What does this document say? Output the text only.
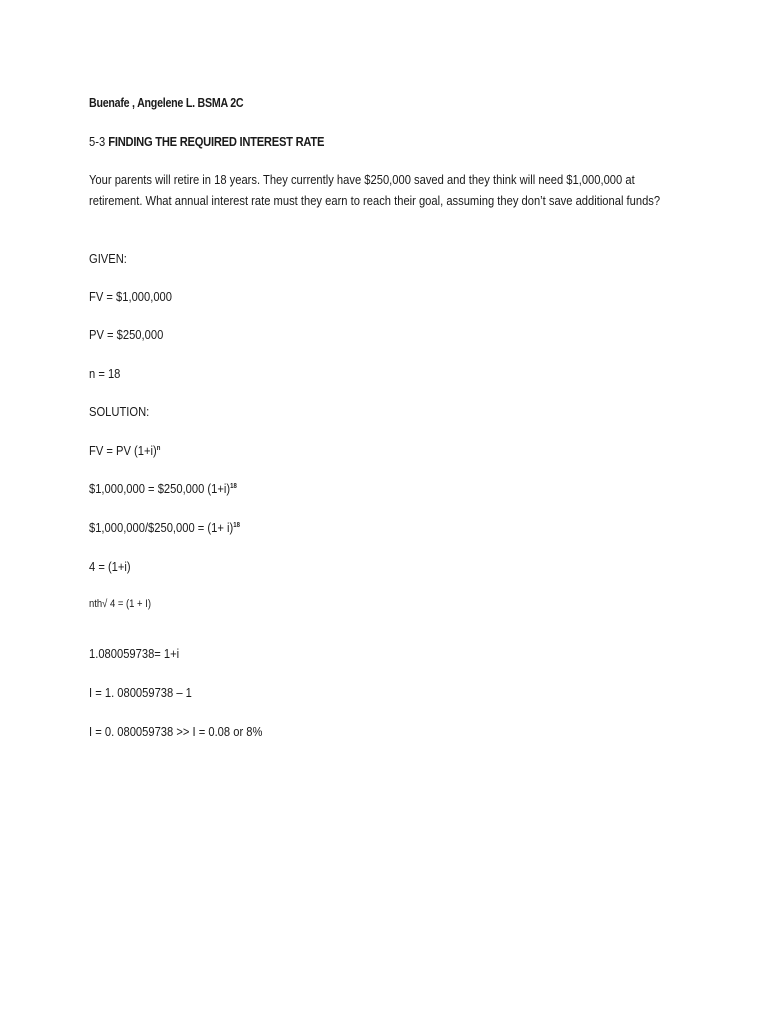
Buenafe , Angelene L. BSMA 2C
5-3 FINDING THE REQUIRED INTEREST RATE
Your parents will retire in 18 years. They currently have $250,000 saved and they think will need $1,000,000 at retirement. What annual interest rate must they earn to reach their goal, assuming they don’t save additional funds?
GIVEN:
FV = $1,000,000
PV = $250,000
n = 18
SOLUTION:
FV = PV $(1+i)^n$
$1,000,000 = $250,000 $(1+i)^{18}$
$1,000,000/$250,000 = $(1+ i)^{18}$
4 = (1+i)
nth√ 4 = (1 + I)
1.080059738= 1+i
I = 1. 080059738 – 1
I = 0. 080059738 >> I = 0.08 or 8%
